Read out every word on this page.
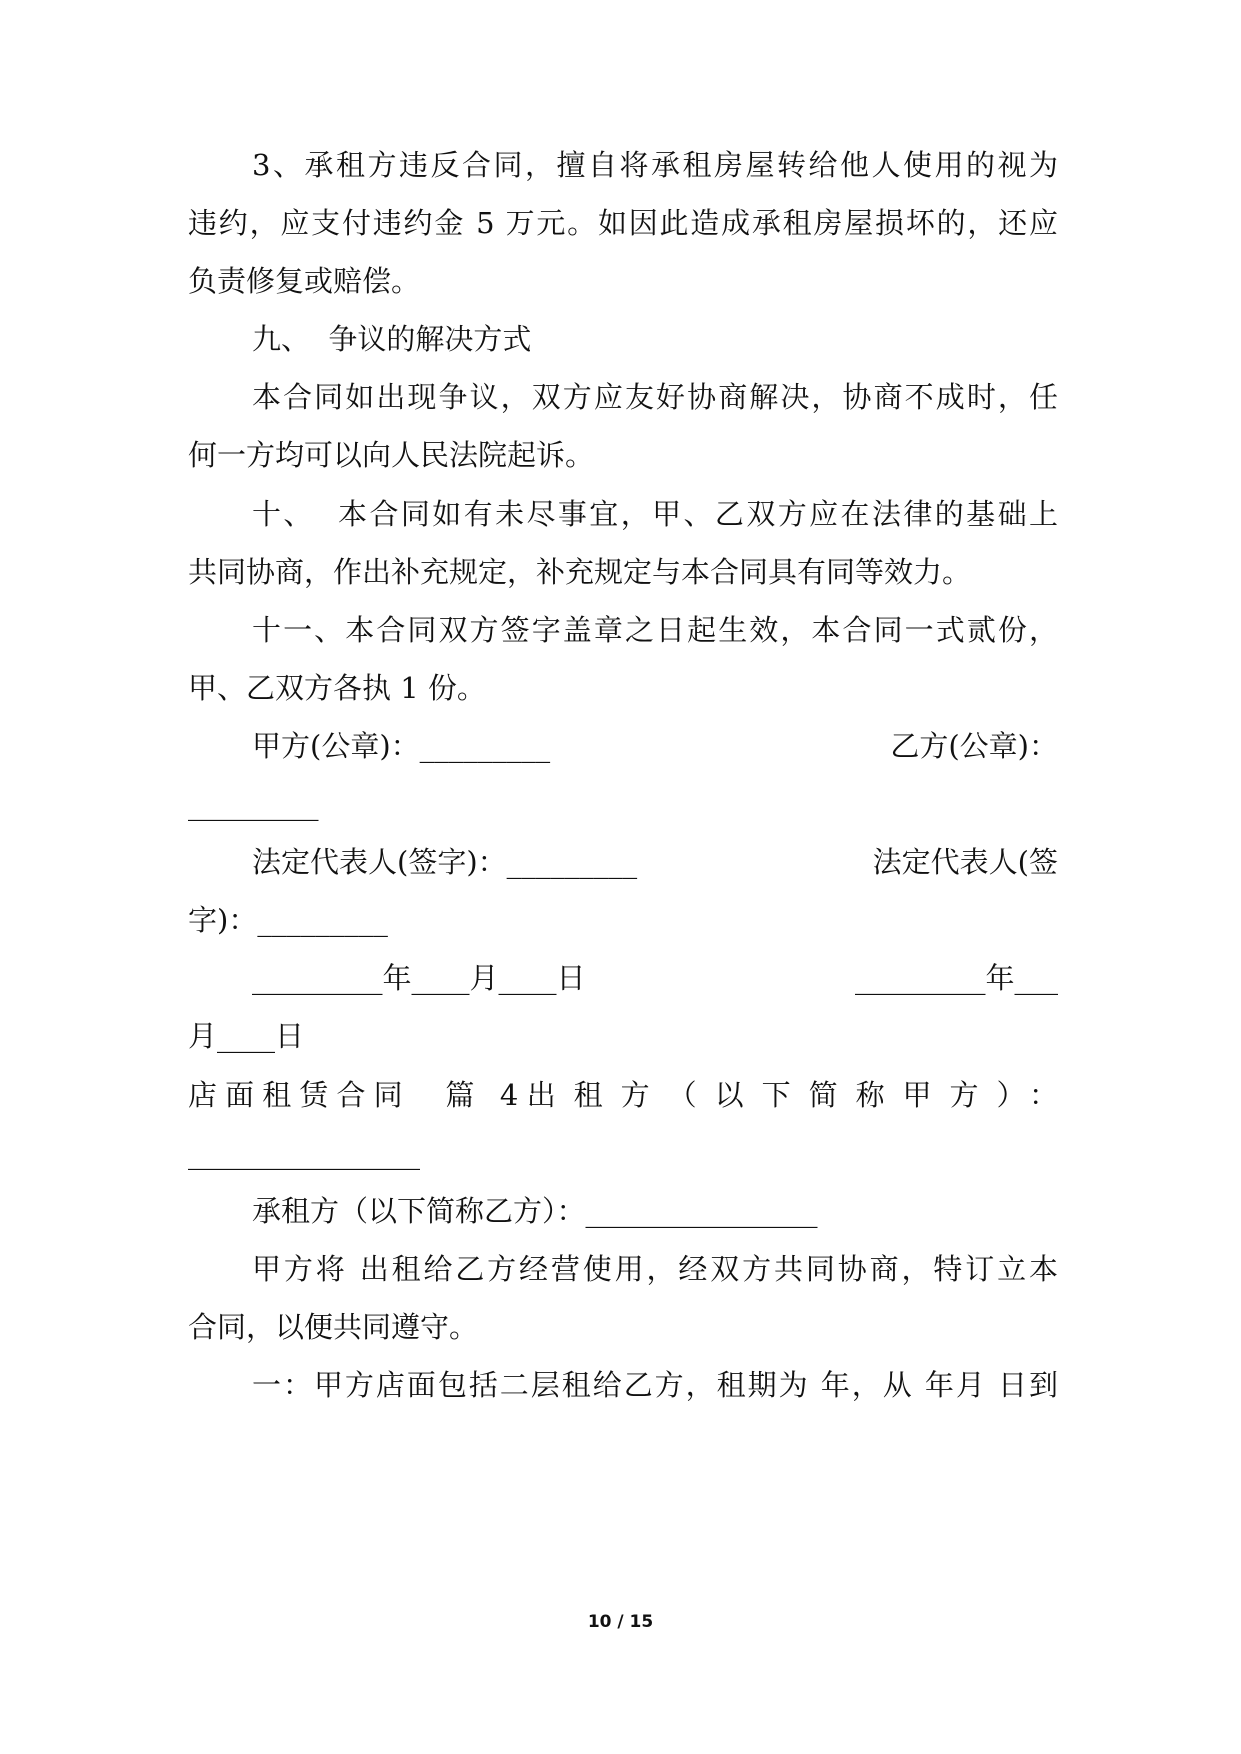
3、承租方违反合同，擅自将承租房屋转给他人使用的视为
违约，应支付违约金 5 万元。如因此造成承租房屋损坏的，还应
负责修复或赔偿。
九、  争议的解决方式
本合同如出现争议，双方应友好协商解决，协商不成时，任
何一方均可以向人民法院起诉。
十、  本合同如有未尽事宜，甲、乙双方应在法律的基础上
共同协商，作出补充规定，补充规定与本合同具有同等效力。
十一、本合同双方签字盖章之日起生效，本合同一式贰份，
甲、乙双方各执 1 份。
甲方(公章)：_________	乙方(公章)：
_________
法定代表人(签字)：_________	法定代表人(签
字)：_________
_________年____月____日	_________年___
月____日
店面租赁合同  篇 4 出租方（以下简称甲方）：
________________
承租方（以下简称乙方）：________________
甲方将 出租给乙方经营使用，经双方共同协商，特订立本
合同，以便共同遵守。
一：甲方店面包括二层租给乙方，租期为 年，从 年月 日到
10 / 15
